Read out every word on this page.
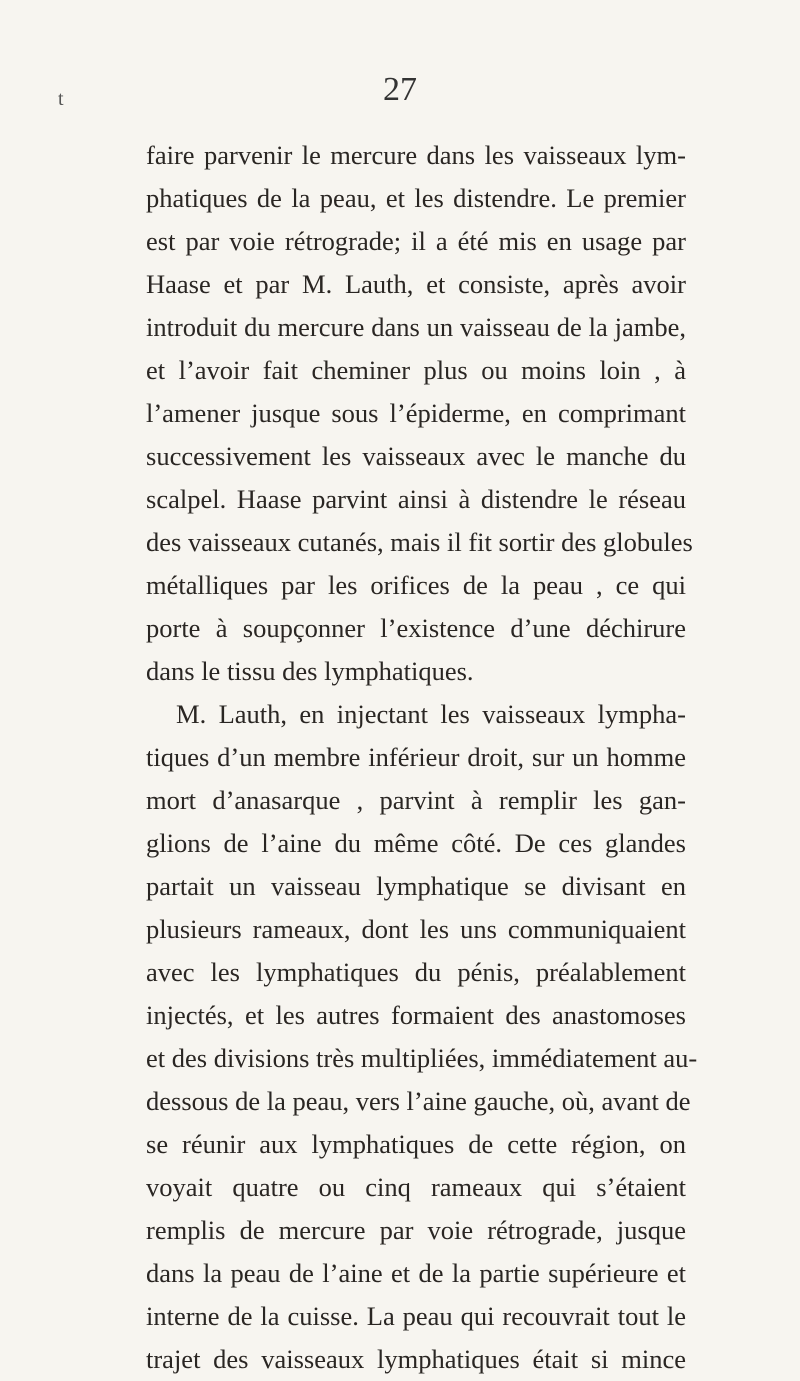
t	27
faire parvenir le mercure dans les vaisseaux lym-
phatiques de la peau, et les distendre. Le premier
est par voie rétrograde; il a été mis en usage par
Haase et par M. Lauth, et consiste, après avoir
introduit du mercure dans un vaisseau de la jambe,
et l’avoir fait cheminer plus ou moins loin , à
l’amener jusque sous l’épiderme, en comprimant
successivement les vaisseaux avec le manche du
scalpel. Haase parvint ainsi à distendre le réseau
des vaisseaux cutanés, mais il fit sortir des globules
métalliques par les orifices de la peau , ce qui
porte à soupçonner l’existence d’une déchirure
dans le tissu des lymphatiques.
M. Lauth, en injectant les vaisseaux lympha-
tiques d’un membre inférieur droit, sur un homme
mort d’anasarque , parvint à remplir les gan-
glions de l’aine du même côté. De ces glandes
partait un vaisseau lymphatique se divisant en
plusieurs rameaux, dont les uns communiquaient
avec les lymphatiques du pénis, préalablement
injectés, et les autres formaient des anastomoses
et des divisions très multipliées, immédiatement au-
dessous de la peau, vers l’aine gauche, où, avant de
se réunir aux lymphatiques de cette région, on
voyait quatre ou cinq rameaux qui s’étaient
remplis de mercure par voie rétrograde, jusque
dans la peau de l’aine et de la partie supérieure et
interne de la cuisse. La peau qui recouvrait tout le
trajet des vaisseaux lymphatiques était si mince
